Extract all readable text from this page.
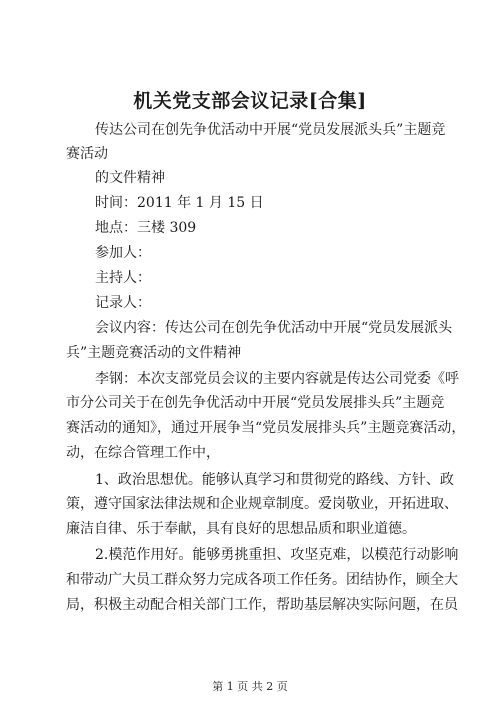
机关党支部会议记录[合集]
传达公司在创先争优活动中开展“党员发展派头兵”主题竞
赛活动
的文件精神
时间：2011 年 1 月 15 日
地点：三楼 309
参加人：
主持人：
记录人：
会议内容：传达公司在创先争优活动中开展“党员发展派头
兵”主题竞赛活动的文件精神
李钢：本次支部党员会议的主要内容就是传达公司党委《呼
市分公司关于在创先争优活动中开展“党员发展排头兵”主题竞
赛活动的通知》，通过开展争当“党员发展排头兵”主题竞赛活动，
动，在综合管理工作中，
1、政治思想优。能够认真学习和贯彻党的路线、方针、政
策，遵守国家法律法规和企业规章制度。爱岗敬业，开拓进取、
廉洁自律、乐于奉献，具有良好的思想品质和职业道德。
2.模范作用好。能够勇挑重担、攻坚克难，以模范行动影响
和带动广大员工群众努力完成各项工作任务。团结协作，顾全大
局，积极主动配合相关部门工作，帮助基层解决实际问题，在员
第 1 页 共 2 页
